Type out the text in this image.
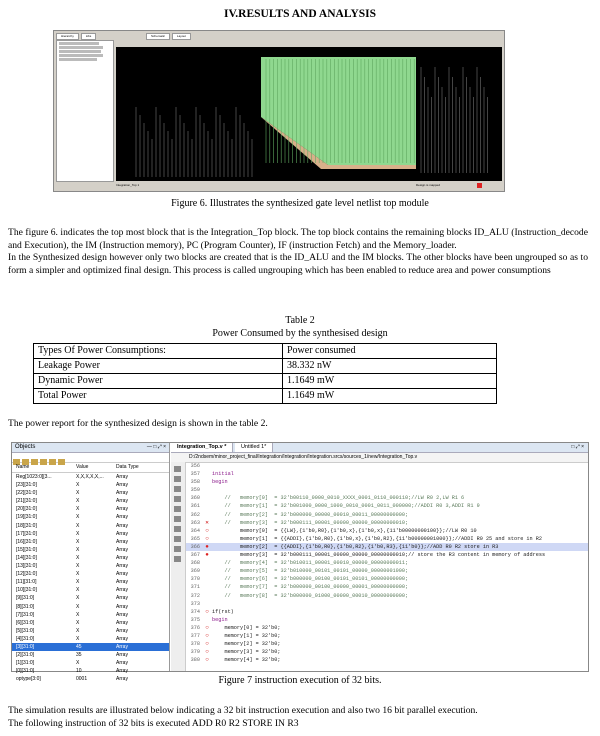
IV.RESULTS AND ANALYSIS
Hierarchy	Libs	Schematic	Layout
Integration_Top 1	Design is mapped
Figure 6. Illustrates the synthesized gate level netlist top module

The figure 6. indicates the top most block that is the Integration_Top block. The top block contains the remaining blocks ID_ALU (Instruction_decode and Execution), the IM (Instruction memory), PC (Program Counter), IF (instruction Fetch) and the Memory_loader.

In the Synthesized design however only two blocks are created that is the ID_ALU and the IM blocks. The other blocks have been ungrouped so as to form a simpler and optimized final design. This process is called ungrouping which has been enabled to reduce area and power consumptions

Table 2
Power Consumed by the synthesised design
Types Of Power Consumptions:	Power consumed
Leakage Power	38.332 nW
Dynamic Power	1.1649 mW
Total Power	1.1649 mW
The power report for the synthesized design is shown in the table 2.
Objects	— □ ⤢ ×
Name	Value	Data Type
Reg[1023:0][3...	X,X,X,X,X,...	Array
[23][31:0]	X	Array
[22][31:0]	X	Array
[21][31:0]	X	Array
[20][31:0]	X	Array
[19][31:0]	X	Array
[18][31:0]	X	Array
[17][31:0]	X	Array
[16][31:0]	X	Array
[15][31:0]	X	Array
[14][31:0]	X	Array
[13][31:0]	X	Array
[12][31:0]	X	Array
[11][31:0]	X	Array
[10][31:0]	X	Array
[9][31:0]	X	Array
[8][31:0]	X	Array
[7][31:0]	X	Array
[6][31:0]	X	Array
[5][31:0]	X	Array
[4][31:0]	X	Array
[3][31:0]	45	Array
[2][31:0]	35	Array
[1][31:0]	X	Array
[0][31:0]	10	Array
optype[3:0]	0001	Array
Integration_Top.v *	Untitled 1*	□ ⤢ ×
D:/2ndsem/minor_project_final/Integration/Integration/Integration.srcs/sources_1/new/Integration_Top.v
356
357	initial
358	begin
359
360	//   memory[0]  = 32'b00110_0000_0010_XXXX_0001_0110_000110;//LW R0 2,LW R1 6
361	//   memory[1]  = 32'b001000_0000_1000_0010_0001_0011_000000;//ADDI R0 3,ADDI R1 9
362	//   memory[2]  = 32'b000000_00000_00010_00011_00000000000;
363 ✕ //   memory[3]  = 32'b000111_00001_00000_00000_00000000010;
364 ○ memory[0]  = {{LW},{1'b0,R0},{1'b0,x},{1'b0,x},{11'b00000000100}};//LW R0 10
365 ○ memory[1]  = {{ADDI},{1'b0,R0},{1'b0,x},{1'b0,R2},{11'b00000001000}};//ADDI R0 25 and store in R2
366 ● memory[2]  = {{ADDI},{1'b0,R0},{1'b0,R2},{1'b0,R3},{11'b0}};//ADD R0 R2 store in R3
367 ● memory[3]  = 32'b000111_00001_00000_00000_00000000010;// store the R3 content in memory of address
368	//   memory[4]  = 32'b010011_00001_00010_00000_00000000011;
369	//   memory[5]  = 32'b010000_00101_00101_00000_00000001000;
370	//   memory[6]  = 32'b000000_00100_00101_00101_00000000000;
371	//   memory[7]  = 32'b000000_00100_00000_00001_00000000000;
372	//   memory[8]  = 32'b000000_01000_00000_00010_00000000000;
373
374 ○ if(rst)
375	begin
376 ○ memory[0] = 32'b0;
377 ○ memory[1] = 32'b0;
378 ○ memory[2] = 32'b0;
379 ○ memory[3] = 32'b0;
380 ○ memory[4] = 32'b0;
Figure 7 instruction execution of 32 bits.

The simulation results are illustrated below indicating a 32 bit instruction execution and also two 16 bit parallel execution.

The following instruction of 32 bits is executed ADD R0 R2 STORE IN R3
